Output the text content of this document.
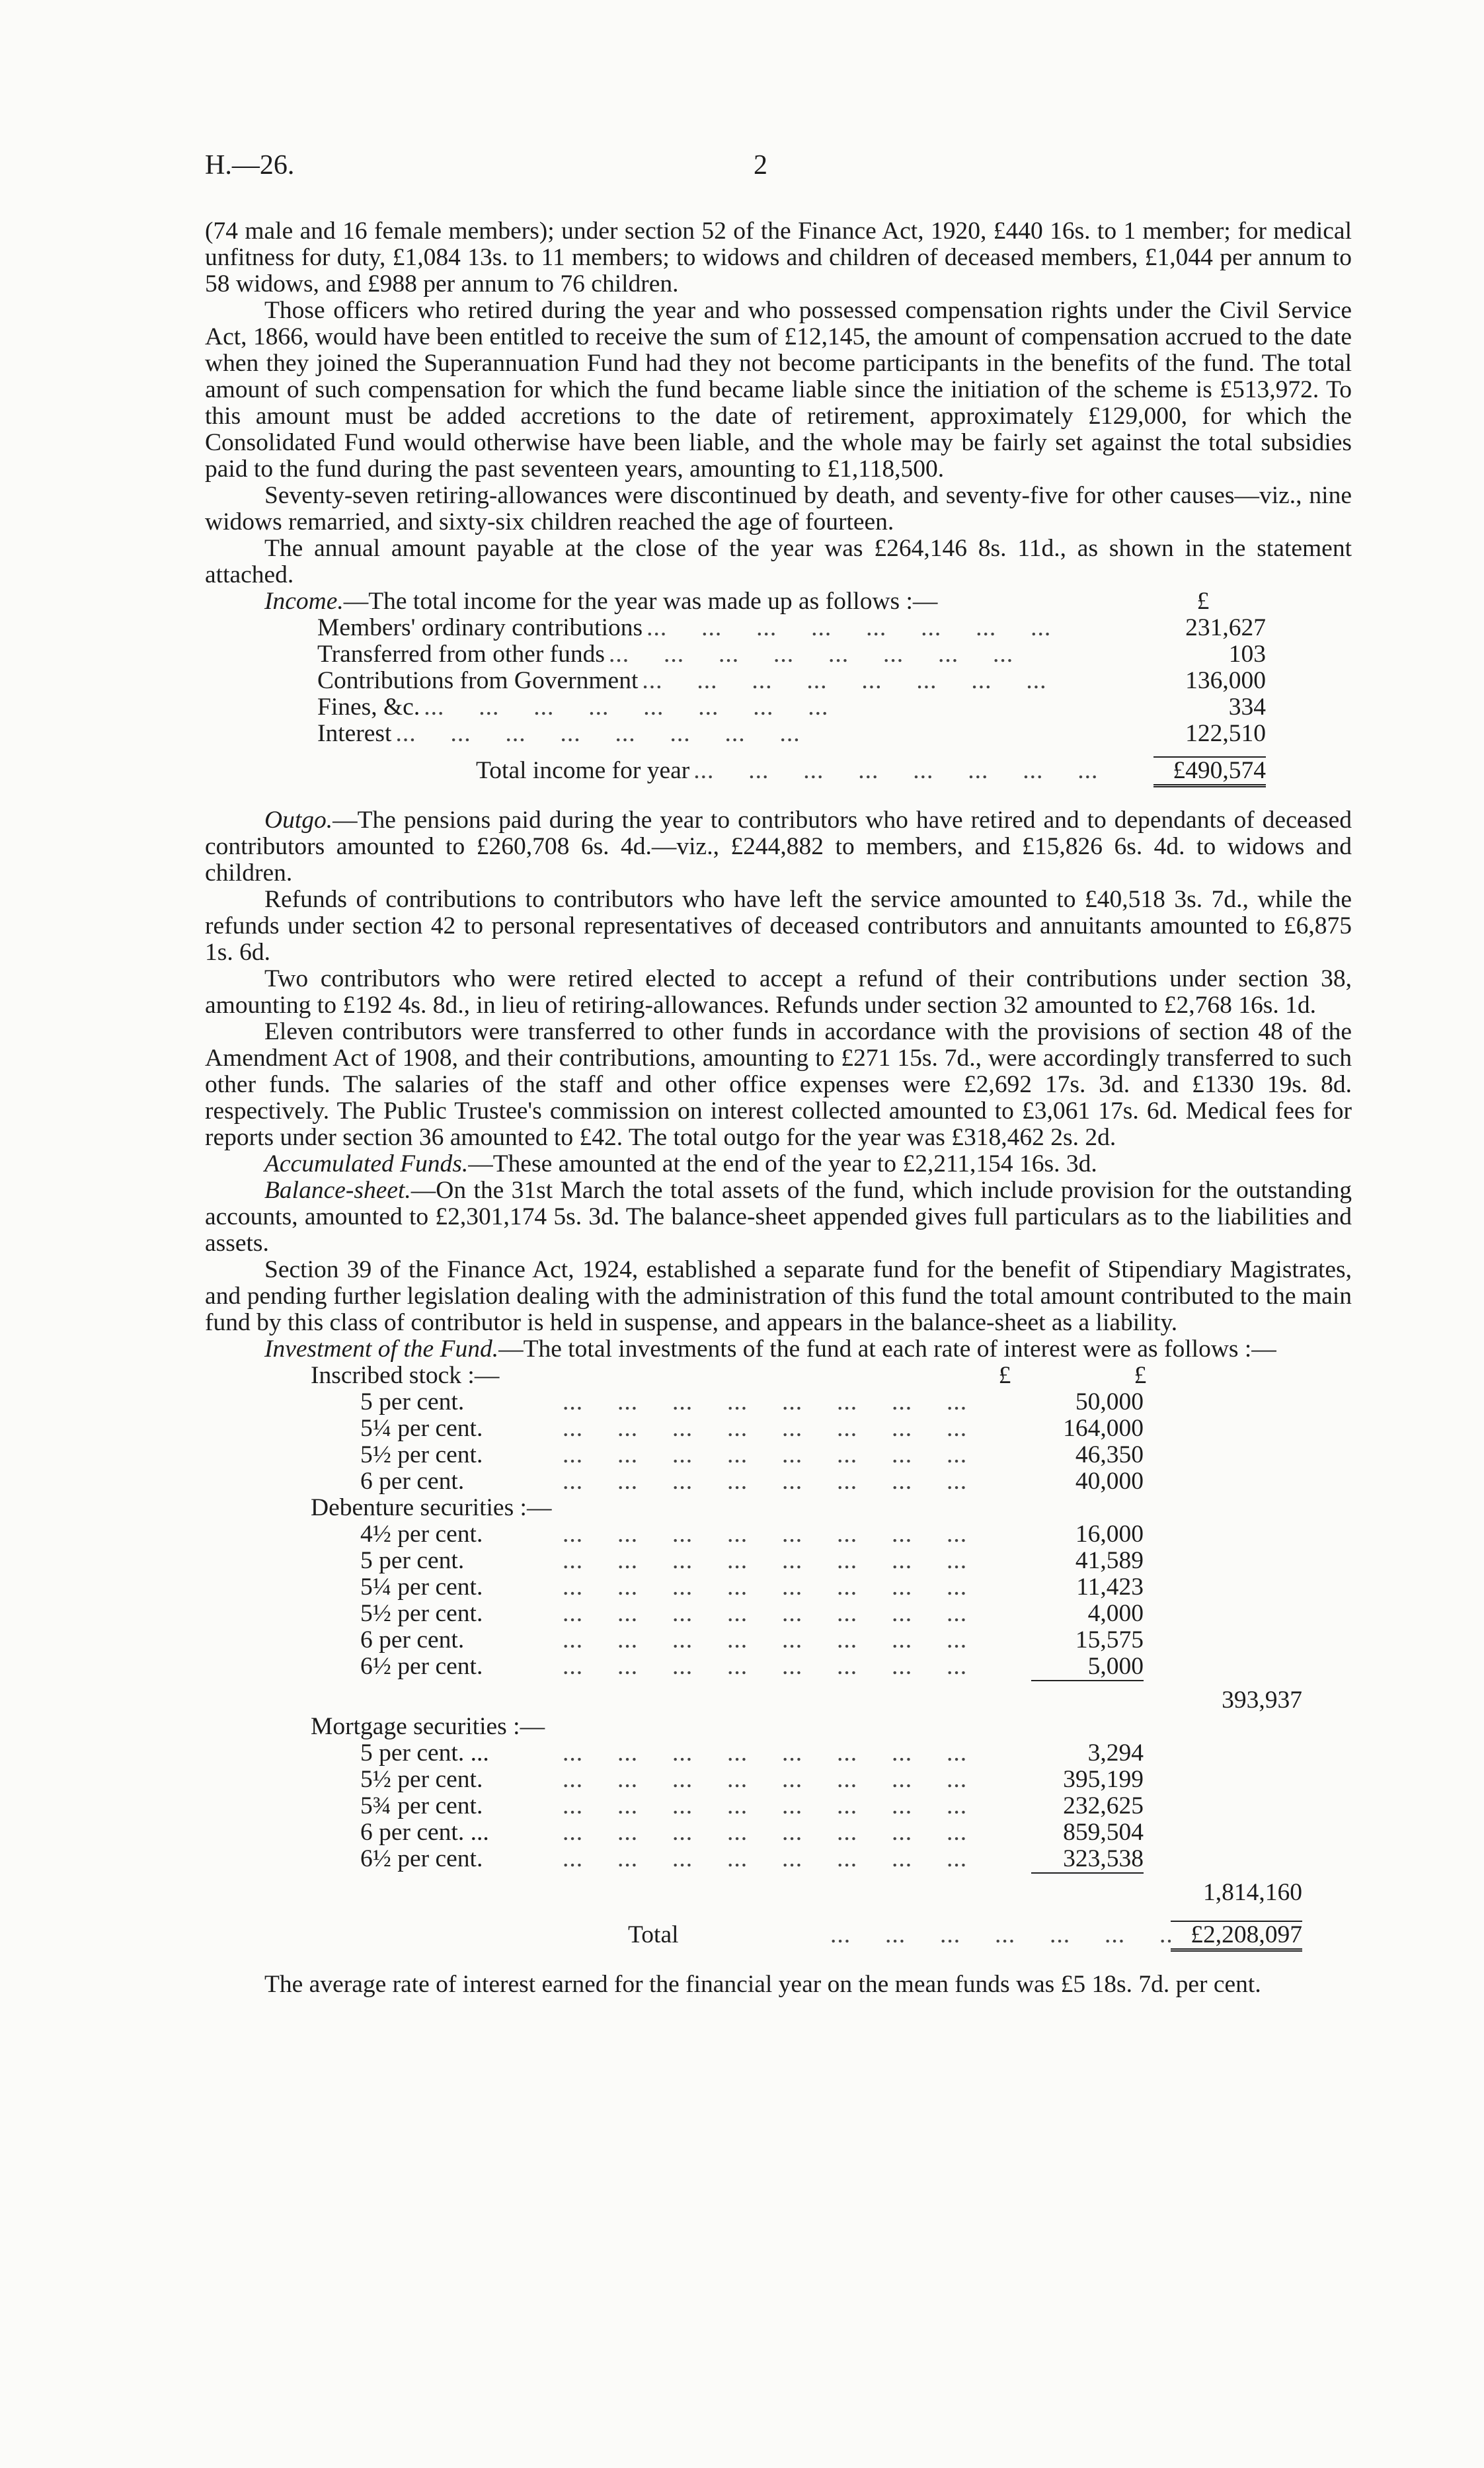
H.—26.	2

(74 male and 16 female members); under section 52 of the Finance Act, 1920, £440 16s. to 1 member; for medical unfitness for duty, £1,084 13s. to 11 members; to widows and children of deceased members, £1,044 per annum to 58 widows, and £988 per annum to 76 children.

Those officers who retired during the year and who possessed compensation rights under the Civil Service Act, 1866, would have been entitled to receive the sum of £12,145, the amount of compensation accrued to the date when they joined the Superannuation Fund had they not become participants in the benefits of the fund. The total amount of such compensation for which the fund became liable since the initiation of the scheme is £513,972. To this amount must be added accretions to the date of retirement, approximately £129,000, for which the Consolidated Fund would otherwise have been liable, and the whole may be fairly set against the total subsidies paid to the fund during the past seventeen years, amounting to £1,118,500.

Seventy-seven retiring-allowances were discontinued by death, and seventy-five for other causes—viz., nine widows remarried, and sixty-six children reached the age of fourteen.

The annual amount payable at the close of the year was £264,146 8s. 11d., as shown in the statement attached.

Income.—The total income for the year was made up as follows :—	£

Members' ordinary contributions ...	231,627
Transferred from other funds ...	103
Contributions from Government ...	136,000
Fines, &c. ...	334
Interest ...	122,510
Total income for year ...	£490,574

Outgo.—The pensions paid during the year to contributors who have retired and to dependants of deceased contributors amounted to £260,708 6s. 4d.—viz., £244,882 to members, and £15,826 6s. 4d. to widows and children.

Refunds of contributions to contributors who have left the service amounted to £40,518 3s. 7d., while the refunds under section 42 to personal representatives of deceased contributors and annuitants amounted to £6,875 1s. 6d.

Two contributors who were retired elected to accept a refund of their contributions under section 38, amounting to £192 4s. 8d., in lieu of retiring-allowances. Refunds under section 32 amounted to £2,768 16s. 1d.

Eleven contributors were transferred to other funds in accordance with the provisions of section 48 of the Amendment Act of 1908, and their contributions, amounting to £271 15s. 7d., were accordingly transferred to such other funds. The salaries of the staff and other office expenses were £2,692 17s. 3d. and £1330 19s. 8d. respectively. The Public Trustee's commission on interest collected amounted to £3,061 17s. 6d. Medical fees for reports under section 36 amounted to £42. The total outgo for the year was £318,462 2s. 2d.

Accumulated Funds.—These amounted at the end of the year to £2,211,154 16s. 3d.

Balance-sheet.—On the 31st March the total assets of the fund, which include provision for the outstanding accounts, amounted to £2,301,174 5s. 3d. The balance-sheet appended gives full particulars as to the liabilities and assets.

Section 39 of the Finance Act, 1924, established a separate fund for the benefit of Stipendiary Magistrates, and pending further legislation dealing with the administration of this fund the total amount contributed to the main fund by this class of contributor is held in suspense, and appears in the balance-sheet as a liability.

Investment of the Fund.—The total investments of the fund at each rate of interest were as follows :—

Inscribed stock :—	£	£
5 per cent. ...	50,000
5¼ per cent. ...	164,000
5½ per cent. ...	46,350
6 per cent. ...	40,000
Debenture securities :—
4½ per cent. ...	16,000
5 per cent. ...	41,589
5¼ per cent. ...	11,423
5½ per cent. ...	4,000
6 per cent. ...	15,575
6½ per cent. ...	5,000
393,937
Mortgage securities :—
5 per cent. ... ...	3,294
5½ per cent. ...	395,199
5¾ per cent. ...	232,625
6 per cent. ... ...	859,504
6½ per cent. ...	323,538
1,814,160
Total ...	£2,208,097

The average rate of interest earned for the financial year on the mean funds was £5 18s. 7d. per cent.
